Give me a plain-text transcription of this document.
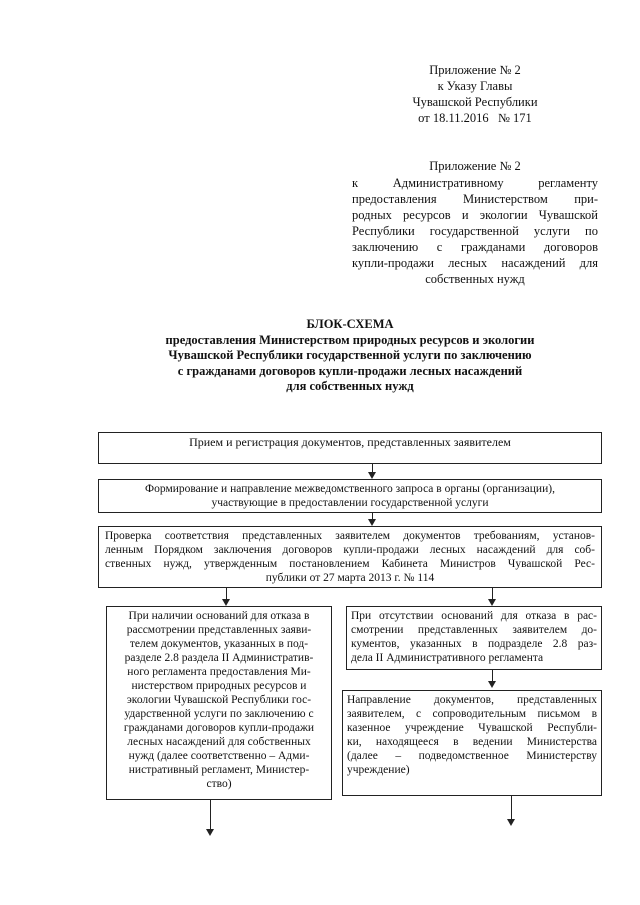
Приложение № 2
к Указу Главы
Чувашской Республики
от 18.11.2016   № 171
Приложение № 2
к Административному регламенту
предоставления Министерством при-
родных ресурсов и экологии Чувашской
Республики государственной услуги по
заключению с гражданами договоров
купли-продажи лесных насаждений для
собственных нужд
БЛОК-СХЕМА
предоставления Министерством природных ресурсов и экологии
Чувашской Республики государственной услуги по заключению
с гражданами договоров купли-продажи лесных насаждений
для собственных нужд
Прием и регистрация документов, представленных заявителем
Формирование и направление межведомственного запроса в органы (организации),
участвующие в предоставлении государственной услуги
Проверка соответствия представленных заявителем документов требованиям, установ-
ленным Порядком заключения договоров купли-продажи лесных насаждений для соб-
ственных нужд, утвержденным постановлением Кабинета Министров Чувашской Рес-
публики от 27 марта 2013 г. № 114
При наличии оснований для отказа в
рассмотрении представленных заяви-
телем документов, указанных в под-
разделе 2.8 раздела II Административ-
ного регламента предоставления Ми-
нистерством природных ресурсов и
экологии Чувашской Республики гос-
ударственной услуги по заключению с
гражданами договоров купли-продажи
лесных насаждений для собственных
нужд (далее соответственно – Адми-
нистративный регламент, Министер-
ство)
При отсутствии оснований для отказа в рас-
смотрении представленных заявителем до-
кументов, указанных в подразделе 2.8 раз-
дела II Административного регламента
Направление   документов,   представленных
заявителем, с сопроводительным письмом в
казенное учреждение Чувашской Республи-
ки, находящееся в ведении Министерства
(далее  –  подведомственное  Министерству
учреждение)
